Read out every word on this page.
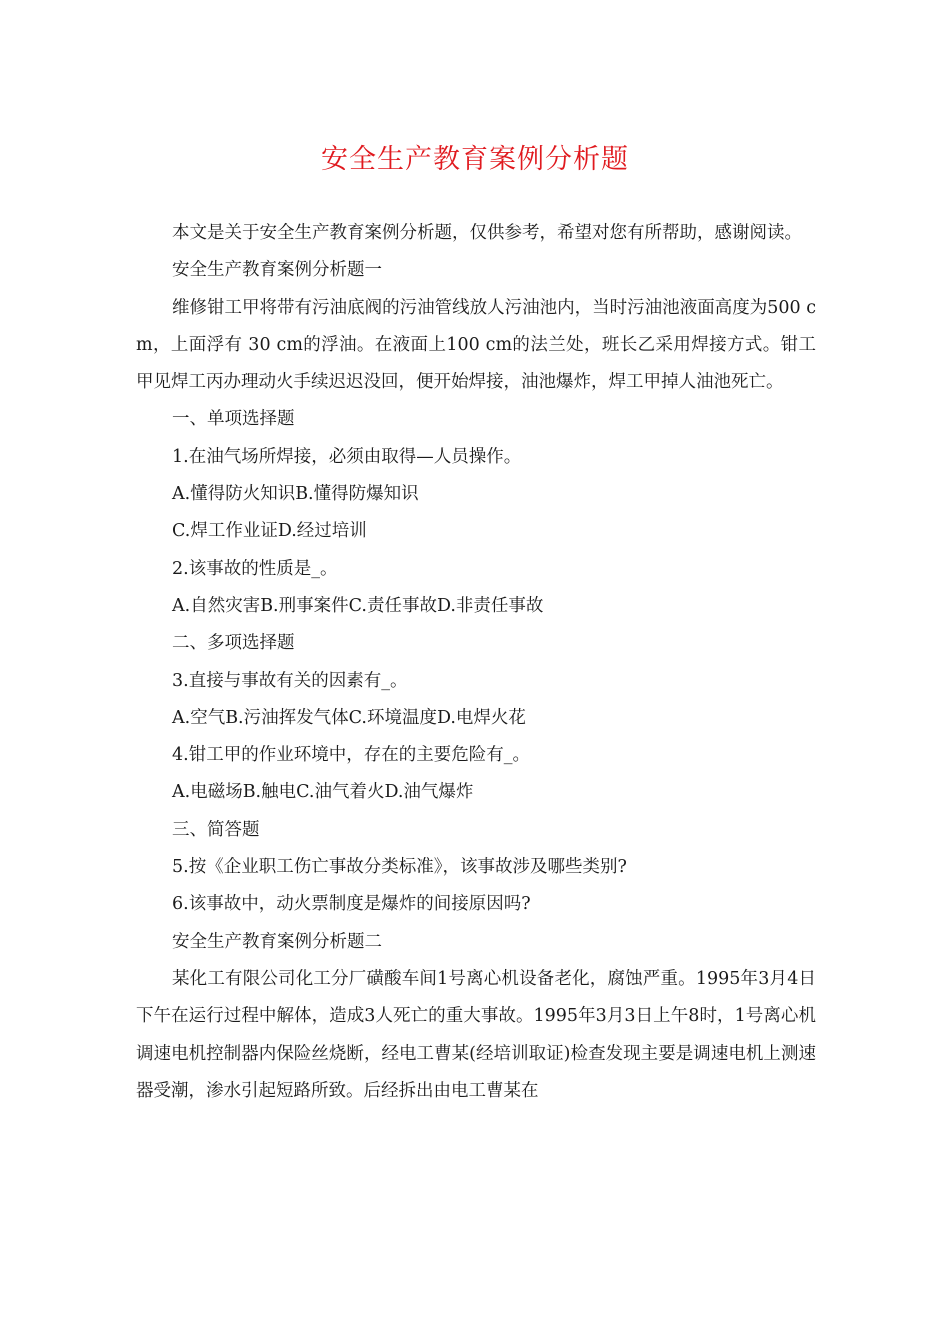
安全生产教育案例分析题

本文是关于安全生产教育案例分析题，仅供参考，希望对您有所帮助，感谢阅读。

安全生产教育案例分析题一

维修钳工甲将带有污油底阀的污油管线放人污油池内，当时污油池液面高度为500 cm，上面浮有 30 cm的浮油。在液面上100 cm的法兰处，班长乙采用焊接方式。钳工甲见焊工丙办理动火手续迟迟没回，便开始焊接，油池爆炸，焊工甲掉人油池死亡。

一、单项选择题

1.在油气场所焊接，必须由取得—人员操作。

A.懂得防火知识B.懂得防爆知识

C.焊工作业证D.经过培训

2.该事故的性质是_。

A.自然灾害B.刑事案件C.责任事故D.非责任事故

二、多项选择题

3.直接与事故有关的因素有_。

A.空气B.污油挥发气体C.环境温度D.电焊火花

4.钳工甲的作业环境中，存在的主要危险有_。

A.电磁场B.触电C.油气着火D.油气爆炸

三、简答题

5.按《企业职工伤亡事故分类标准》，该事故涉及哪些类别?

6.该事故中，动火票制度是爆炸的间接原因吗?

安全生产教育案例分析题二

某化工有限公司化工分厂磺酸车间1号离心机设备老化，腐蚀严重。1995年3月4日下午在运行过程中解体，造成3人死亡的重大事故。1995年3月3日上午8时，1号离心机调速电机控制器内保险丝烧断，经电工曹某(经培训取证)检查发现主要是调速电机上测速器受潮，渗水引起短路所致。后经拆出由电工曹某在
